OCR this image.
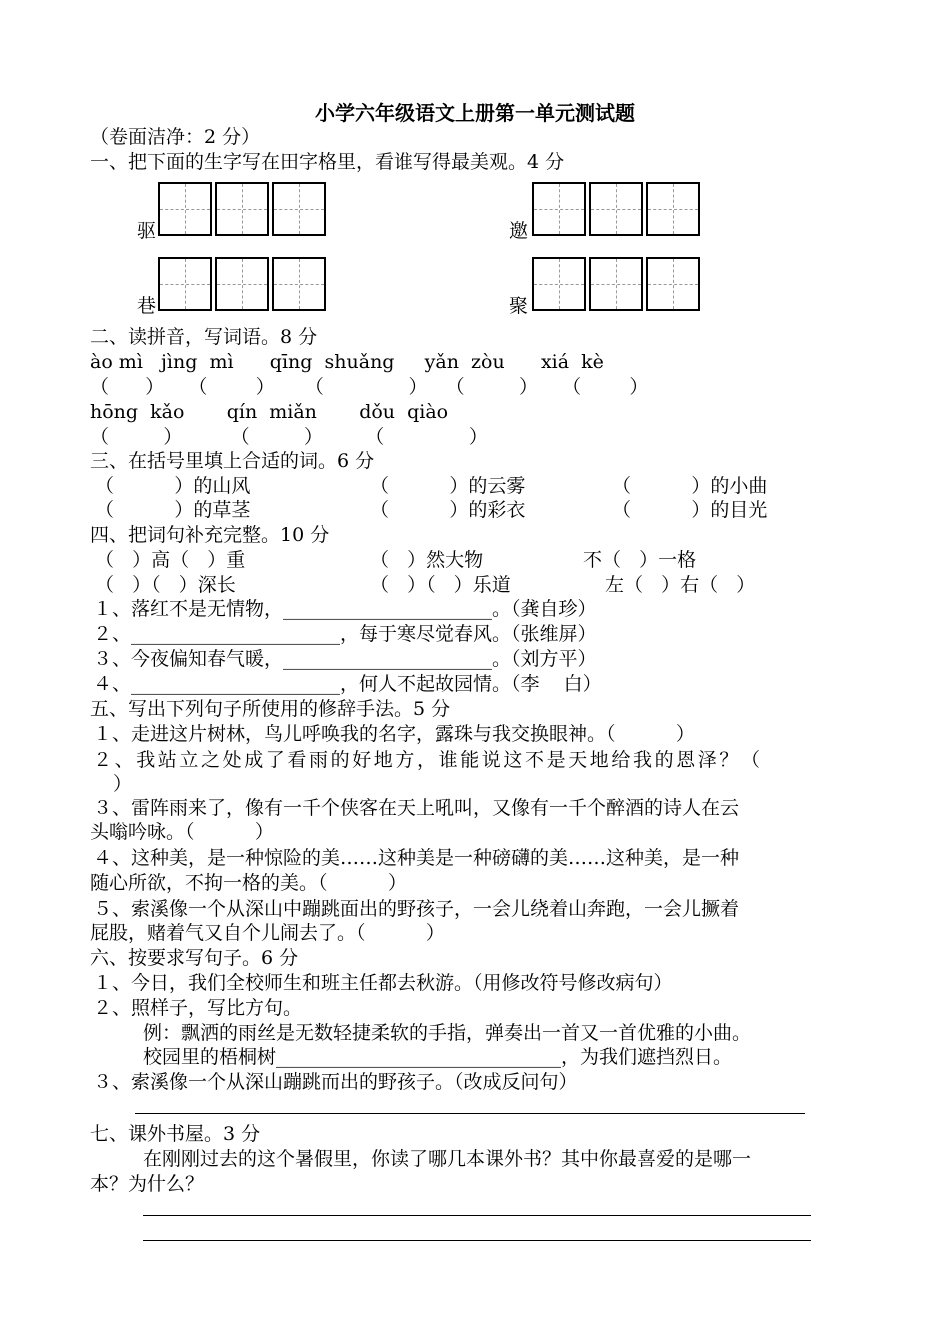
小学六年级语文上册第一单元测试题
（卷面洁净：2 分）
一、把下面的生字写在田字格里，看谁写得最美观。4 分
驱	邀
巷	聚
二、读拼音，写词语。8 分
ào mì   jìng  mì      qīng  shuǎng     yǎn  zòu      xiá  kè
（      ）    （        ）     （              ）   （         ）    （        ）
hōng  kǎo       qín  miǎn       dǒu  qiào
（         ）        （         ）       （              ）
三、在括号里填上合适的词。6 分
（          ）的山风	（          ）的云雾	（          ）的小曲
（          ）的草茎	（          ）的彩衣	（          ）的目光
四、把词句补充完整。10 分
（   ）高（   ）重	（   ）然大物	不（   ）一格
（   ）（   ）深长	（   ）（   ）乐道	左（   ）右（   ）
１、落红不是无情物，______________________。（龚自珍）
２、______________________，每于寒尽觉春风。（张维屏）
３、今夜偏知春气暖，______________________。（刘方平）
４、______________________，何人不起故园情。（李    白）
五、写出下列句子所使用的修辞手法。5 分
１、走进这片树林，鸟儿呼唤我的名字，露珠与我交换眼神。（          ）
２、我站立之处成了看雨的好地方，谁能说这不是天地给我的恩泽？（
）
３、雷阵雨来了，像有一千个侠客在天上吼叫，又像有一千个醉酒的诗人在云
头嗡吟咏。（          ）
４、这种美，是一种惊险的美……这种美是一种磅礴的美……这种美，是一种
随心所欲，不拘一格的美。（          ）
５、索溪像一个从深山中蹦跳面出的野孩子，一会儿绕着山奔跑，一会儿撅着
屁股，赌着气又自个儿闹去了。（          ）
六、按要求写句子。6 分
１、今日，我们全校师生和班主任都去秋游。（用修改符号修改病句）
２、照样子，写比方句。
例：飘洒的雨丝是无数轻捷柔软的手指，弹奏出一首又一首优雅的小曲。
校园里的梧桐树______________________________，为我们遮挡烈日。
３、索溪像一个从深山蹦跳而出的野孩子。（改成反问句）
七、课外书屋。3 分
在刚刚过去的这个暑假里，你读了哪几本课外书？其中你最喜爱的是哪一
本？为什么？
